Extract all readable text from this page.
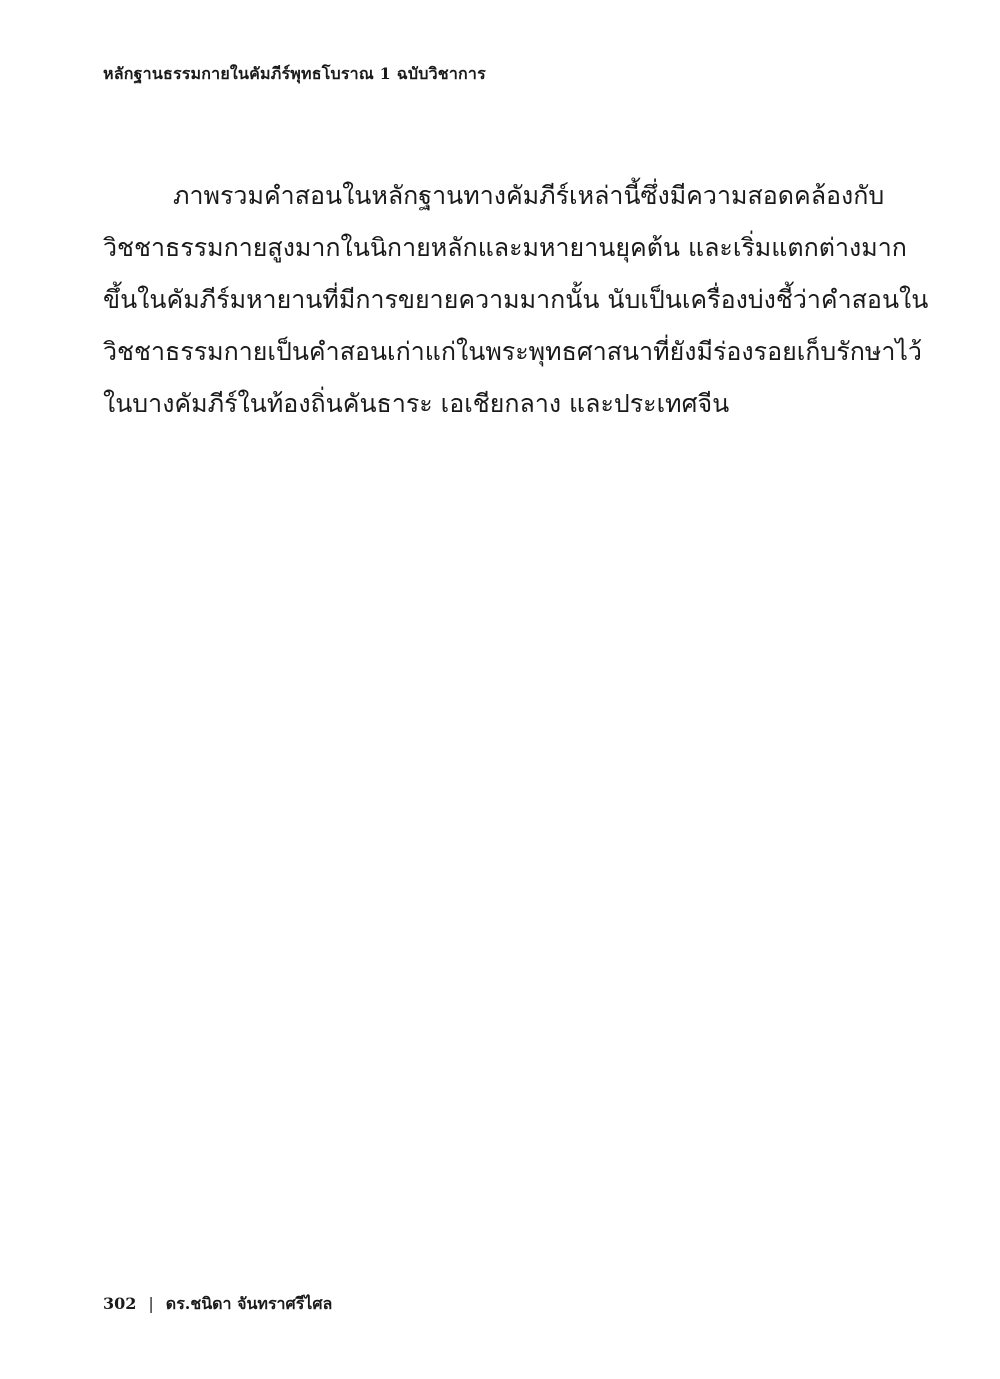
หลักฐานธรรมกายในคัมภีร์พุทธโบราณ 1 ฉบับวิชาการ
ภาพรวมคำสอนในหลักฐานทางคัมภีร์เหล่านี้ซึ่งมีความสอดคล้องกับ
วิชชาธรรมกายสูงมากในนิกายหลักและมหายานยุคต้น และเริ่มแตกต่างมาก
ขึ้นในคัมภีร์มหายานที่มีการขยายความมากนั้น นับเป็นเครื่องบ่งชี้ว่าคำสอนใน
วิชชาธรรมกายเป็นคำสอนเก่าแก่ในพระพุทธศาสนาที่ยังมีร่องรอยเก็บรักษาไว้
ในบางคัมภีร์ในท้องถิ่นคันธาระ เอเชียกลาง และประเทศจีน
302 | ดร.ชนิดา จันทราศรีไศล
